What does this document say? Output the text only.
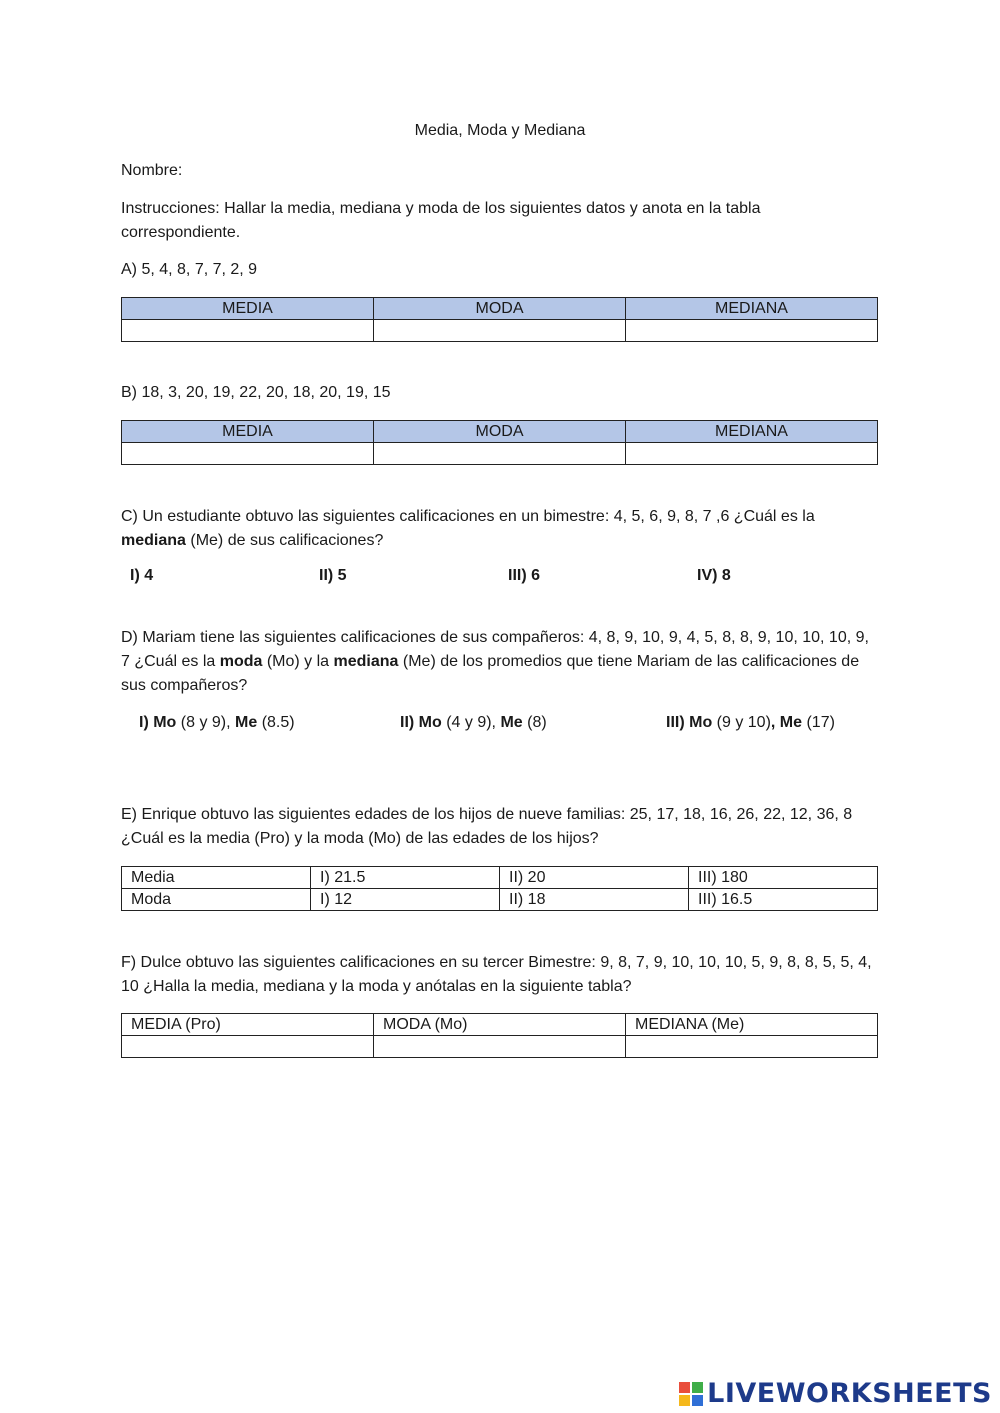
Media, Moda y Mediana
Nombre:
Instrucciones: Hallar la media, mediana y moda de los siguientes datos y anota en la tabla correspondiente.
A) 5, 4, 8, 7, 7, 2, 9
MEDIA	MODA	MEDIANA

B) 18, 3, 20, 19, 22, 20, 18, 20, 19, 15
MEDIA	MODA	MEDIANA

C) Un estudiante obtuvo las siguientes calificaciones en un bimestre: 4, 5, 6, 9, 8, 7 ,6 ¿Cuál es la mediana (Me) de sus calificaciones?
I) 4	II) 5	III) 6	IV) 8
D) Mariam tiene las siguientes calificaciones de sus compañeros: 4, 8, 9, 10, 9, 4, 5, 8, 8, 9, 10, 10, 10, 9, 7 ¿Cuál es la moda (Mo) y la mediana (Me) de los promedios que tiene Mariam de las calificaciones de sus compañeros?
I) Mo (8 y 9), Me (8.5)	II) Mo (4 y 9), Me (8)	III) Mo (9 y 10), Me (17)
E) Enrique obtuvo las siguientes edades de los hijos de nueve familias: 25, 17, 18, 16, 26, 22, 12, 36, 8 ¿Cuál es la media (Pro) y la moda (Mo) de las edades de los hijos?
Media	I) 21.5	II) 20	III) 180
Moda	I) 12	II) 18	III) 16.5
F) Dulce obtuvo las siguientes calificaciones en su tercer Bimestre: 9, 8, 7, 9, 10, 10, 10, 5, 9, 8, 8, 5, 5, 4, 10 ¿Halla la media, mediana y la moda y anótalas en la siguiente tabla?
MEDIA (Pro)	MODA (Mo)	MEDIANA (Me)

LIVEWORKSHEETS
